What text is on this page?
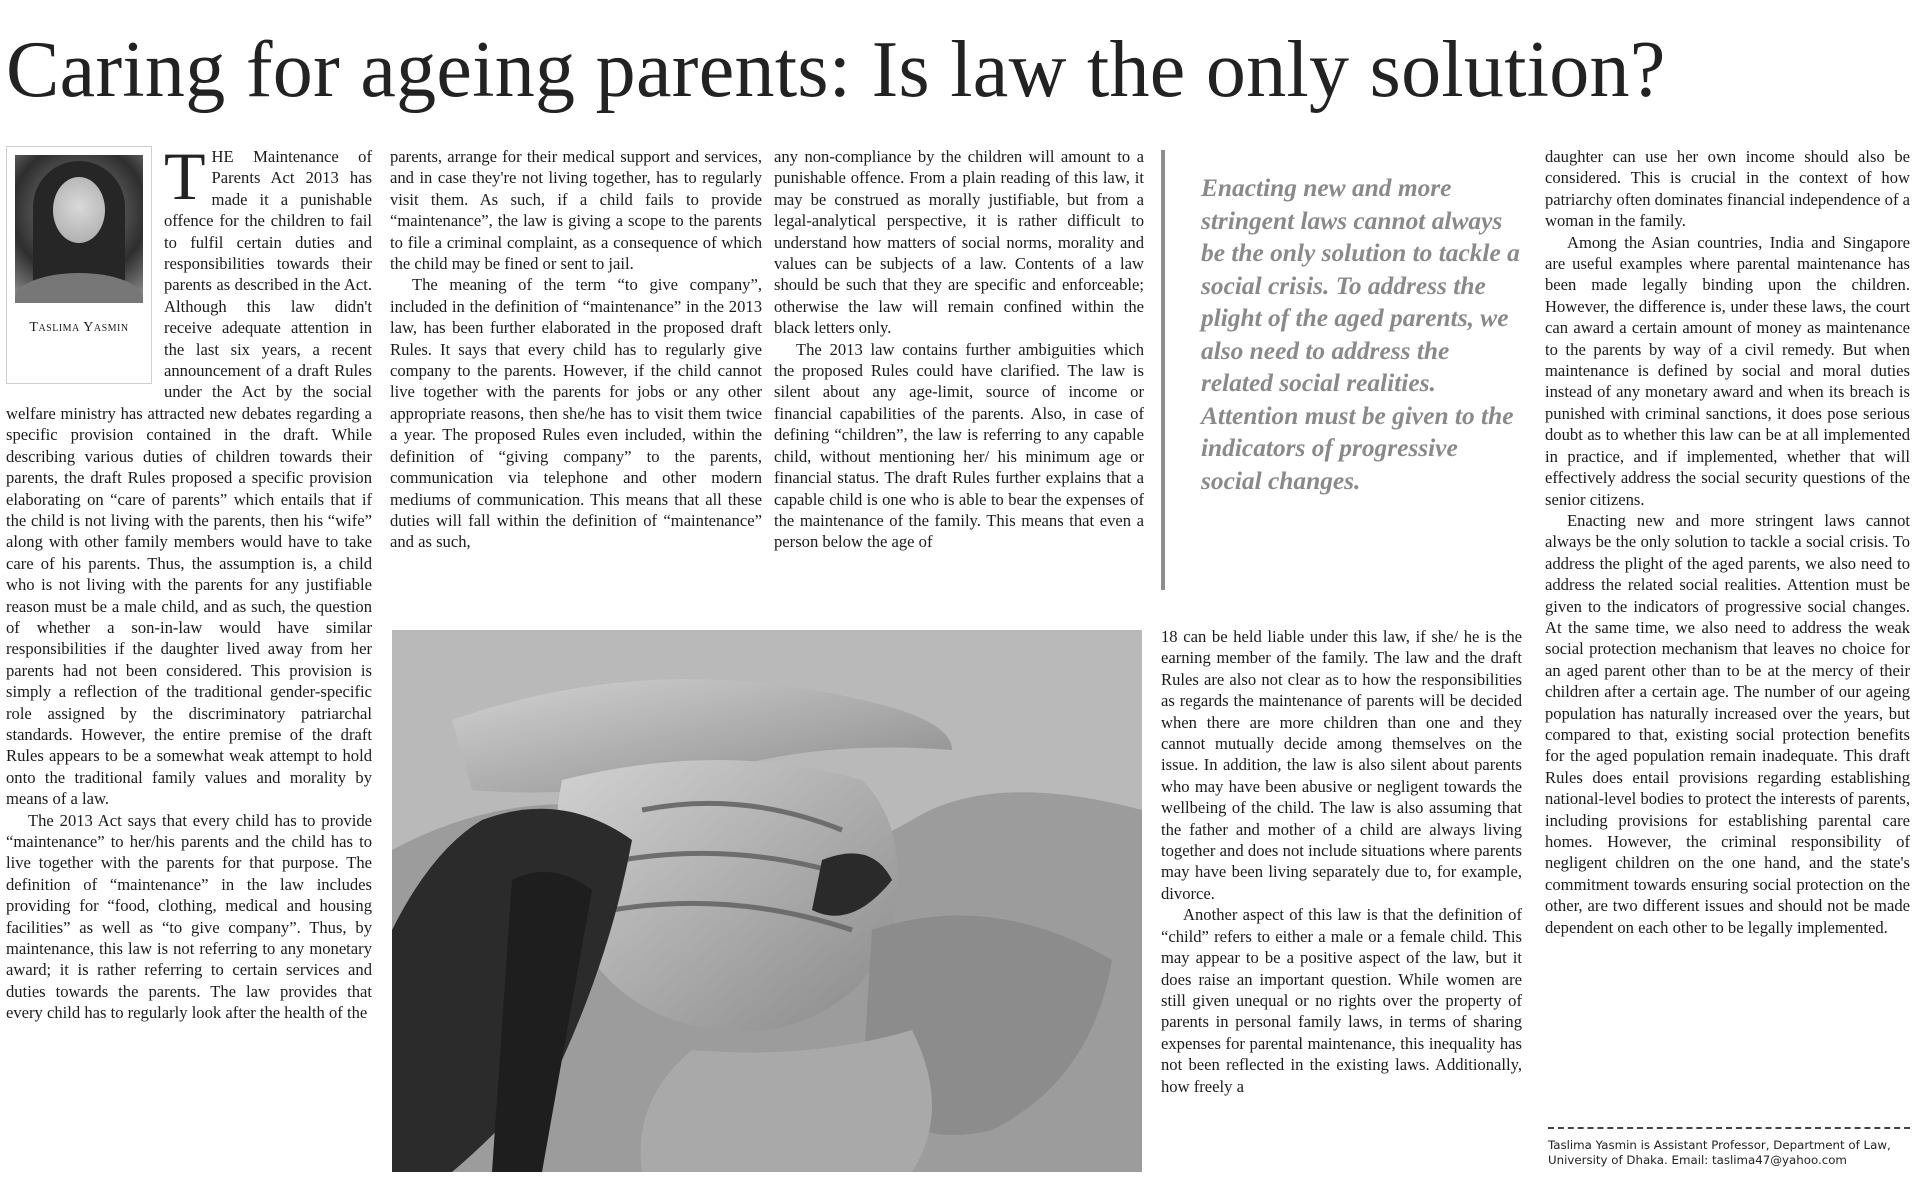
Caring for ageing parents: Is law the only solution?
Taslima Yasmin

THE Maintenance of Parents Act 2013 has made it a punishable offence for the children to fail to fulfil certain duties and responsibilities towards their parents as described in the Act. Although this law didn't receive adequate attention in the last six years, a recent announcement of a draft Rules under the Act by the social welfare ministry has attracted new debates regarding a specific provision contained in the draft. While describing various duties of children towards their parents, the draft Rules proposed a specific provision elaborating on “care of parents” which entails that if the child is not living with the parents, then his “wife” along with other family members would have to take care of his parents. Thus, the assumption is, a child who is not living with the parents for any justifiable reason must be a male child, and as such, the question of whether a son-in-law would have similar responsibilities if the daughter lived away from her parents had not been considered. This provision is simply a reflection of the traditional gender-specific role assigned by the discriminatory patriarchal standards. However, the entire premise of the draft Rules appears to be a somewhat weak attempt to hold onto the traditional family values and morality by means of a law.

The 2013 Act says that every child has to provide “maintenance” to her/his parents and the child has to live together with the parents for that purpose. The definition of “maintenance” in the law includes providing for “food, clothing, medical and housing facilities” as well as “to give company”. Thus, by maintenance, this law is not referring to any monetary award; it is rather referring to certain services and duties towards the parents. The law provides that every child has to regularly look after the health of the

parents, arrange for their medical support and services, and in case they're not living together, has to regularly visit them. As such, if a child fails to provide “maintenance”, the law is giving a scope to the parents to file a criminal complaint, as a consequence of which the child may be fined or sent to jail.

The meaning of the term “to give company”, included in the definition of “maintenance” in the 2013 law, has been further elaborated in the proposed draft Rules. It says that every child has to regularly give company to the parents. However, if the child cannot live together with the parents for jobs or any other appropriate reasons, then she/he has to visit them twice a year. The proposed Rules even included, within the definition of “giving company” to the parents, communication via telephone and other modern mediums of communication. This means that all these duties will fall within the definition of “maintenance” and as such,

any non-compliance by the children will amount to a punishable offence. From a plain reading of this law, it may be construed as morally justifiable, but from a legal-analytical perspective, it is rather difficult to understand how matters of social norms, morality and values can be subjects of a law. Contents of a law should be such that they are specific and enforceable; otherwise the law will remain confined within the black letters only.

The 2013 law contains further ambiguities which the proposed Rules could have clarified. The law is silent about any age-limit, source of income or financial capabilities of the parents. Also, in case of defining “children”, the law is referring to any capable child, without mentioning her/ his minimum age or financial status. The draft Rules further explains that a capable child is one who is able to bear the expenses of the maintenance of the family. This means that even a person below the age of

Enacting new and more stringent laws cannot always be the only solution to tackle a social crisis. To address the plight of the aged parents, we also need to address the related social realities. Attention must be given to the indicators of progressive social changes.

18 can be held liable under this law, if she/ he is the earning member of the family. The law and the draft Rules are also not clear as to how the responsibilities as regards the maintenance of parents will be decided when there are more children than one and they cannot mutually decide among themselves on the issue. In addition, the law is also silent about parents who may have been abusive or negligent towards the wellbeing of the child. The law is also assuming that the father and mother of a child are always living together and does not include situations where parents may have been living separately due to, for example, divorce.

Another aspect of this law is that the definition of “child” refers to either a male or a female child. This may appear to be a positive aspect of the law, but it does raise an important question. While women are still given unequal or no rights over the property of parents in personal family laws, in terms of sharing expenses for parental maintenance, this inequality has not been reflected in the existing laws. Additionally, how freely a

daughter can use her own income should also be considered. This is crucial in the context of how patriarchy often dominates financial independence of a woman in the family.

Among the Asian countries, India and Singapore are useful examples where parental maintenance has been made legally binding upon the children. However, the difference is, under these laws, the court can award a certain amount of money as maintenance to the parents by way of a civil remedy. But when maintenance is defined by social and moral duties instead of any monetary award and when its breach is punished with criminal sanctions, it does pose serious doubt as to whether this law can be at all implemented in practice, and if implemented, whether that will effectively address the social security questions of the senior citizens.

Enacting new and more stringent laws cannot always be the only solution to tackle a social crisis. To address the plight of the aged parents, we also need to address the related social realities. Attention must be given to the indicators of progressive social changes. At the same time, we also need to address the weak social protection mechanism that leaves no choice for an aged parent other than to be at the mercy of their children after a certain age. The number of our ageing population has naturally increased over the years, but compared to that, existing social protection benefits for the aged population remain inadequate. This draft Rules does entail provisions regarding establishing national-level bodies to protect the interests of parents, including provisions for establishing parental care homes. However, the criminal responsibility of negligent children on the one hand, and the state's commitment towards ensuring social protection on the other, are two different issues and should not be made dependent on each other to be legally implemented.

Taslima Yasmin is Assistant Professor, Department of Law, University of Dhaka. Email: taslima47@yahoo.com
